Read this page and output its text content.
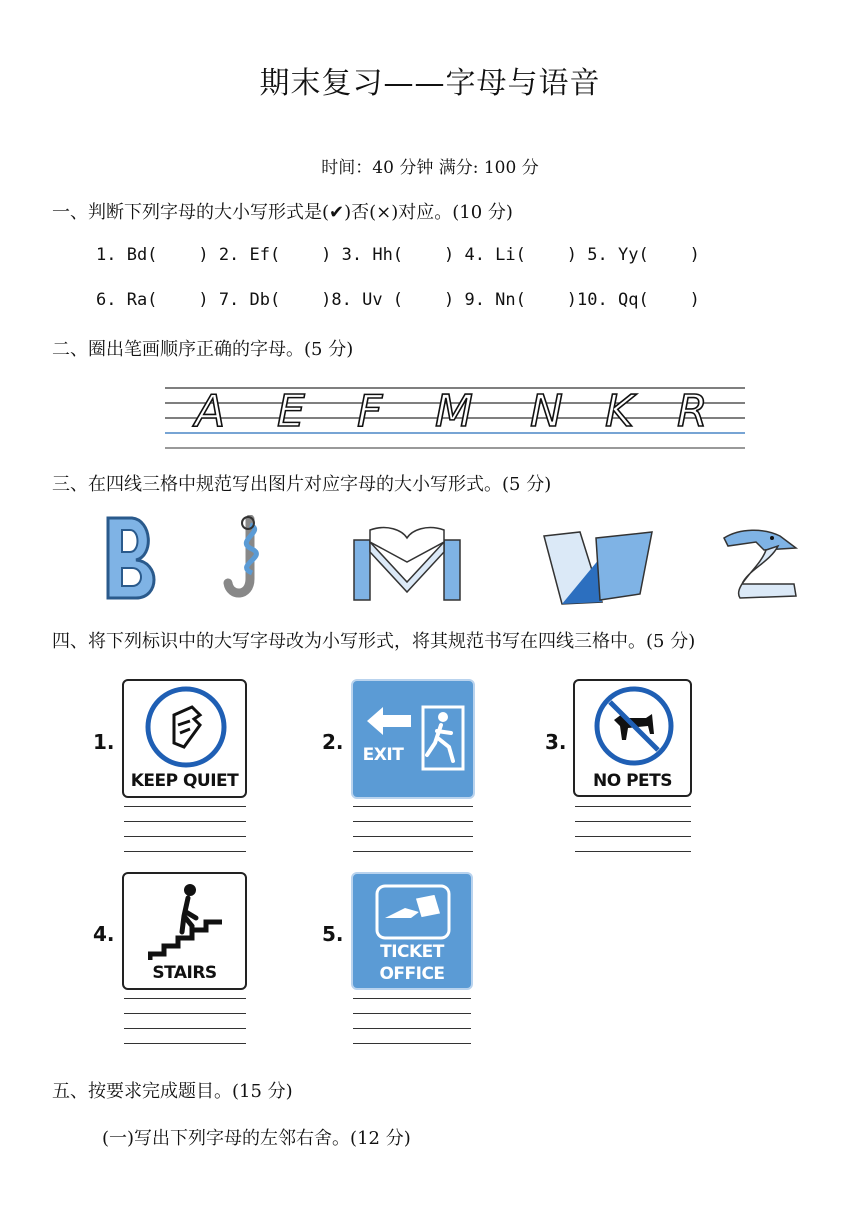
期末复习——字母与语音
时间：40 分钟 满分: 100 分
一、判断下列字母的大小写形式是(✔)否(×)对应。(10 分)
1. Bd(    ) 2. Ef(    ) 3. Hh(    ) 4. Li(    ) 5. Yy(    )
6. Ra(    ) 7. Db(    )8. Uv (    ) 9. Nn(    )10. Qq(    )
二、圈出笔画顺序正确的字母。(5 分)
A E F M N K R
三、在四线三格中规范写出图片对应字母的大小写形式。(5 分)
四、将下列标识中的大写字母改为小写形式，将其规范书写在四线三格中。(5 分)
1.
KEEP QUIET
2.
EXIT
3.
NO PETS
4.
STAIRS
5.
TICKET
OFFICE
五、按要求完成题目。(15 分)
(一)写出下列字母的左邻右舍。(12 分)
